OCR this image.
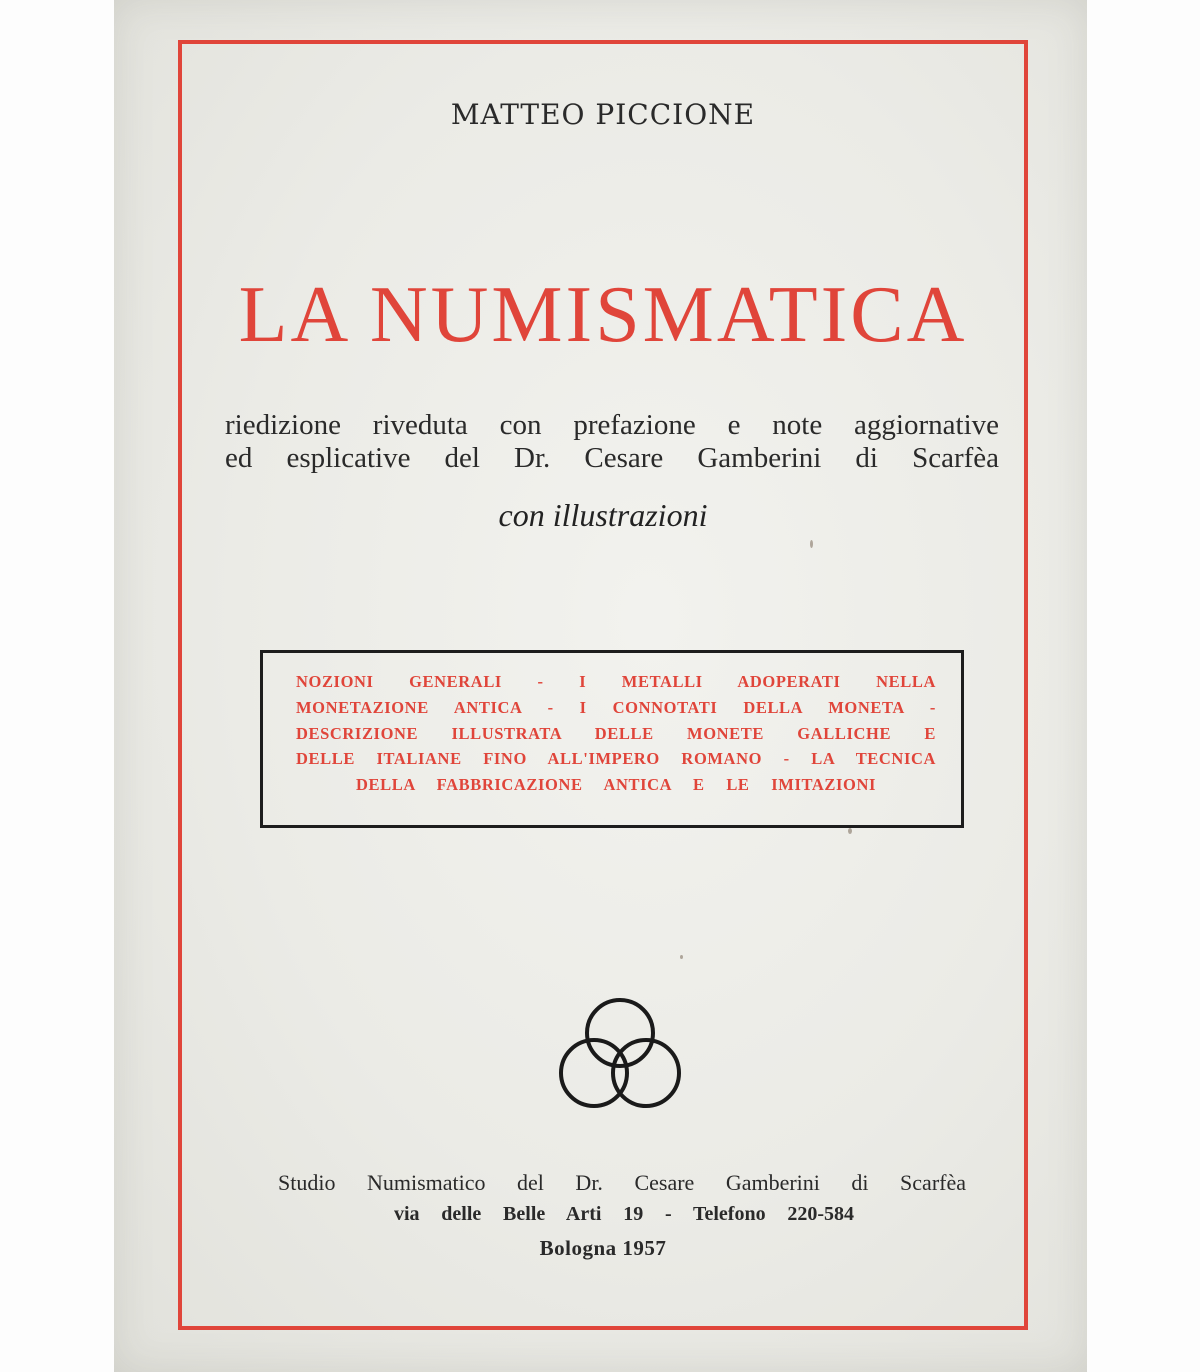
MATTEO PICCIONE
LA NUMISMATICA
riedizione riveduta con prefazione e note aggiornative
ed esplicative del Dr. Cesare Gamberini di Scarfèa
con illustrazioni
NOZIONI GENERALI - I METALLI ADOPERATI NELLA
MONETAZIONE ANTICA - I CONNOTATI DELLA MONETA -
DESCRIZIONE ILLUSTRATA DELLE MONETE GALLICHE E
DELLE ITALIANE FINO ALL'IMPERO ROMANO - LA TECNICA
DELLA FABBRICAZIONE ANTICA E LE IMITAZIONI
Studio Numismatico del Dr. Cesare Gamberini di Scarfèa
via delle Belle Arti 19 - Telefono 220-584
Bologna 1957
